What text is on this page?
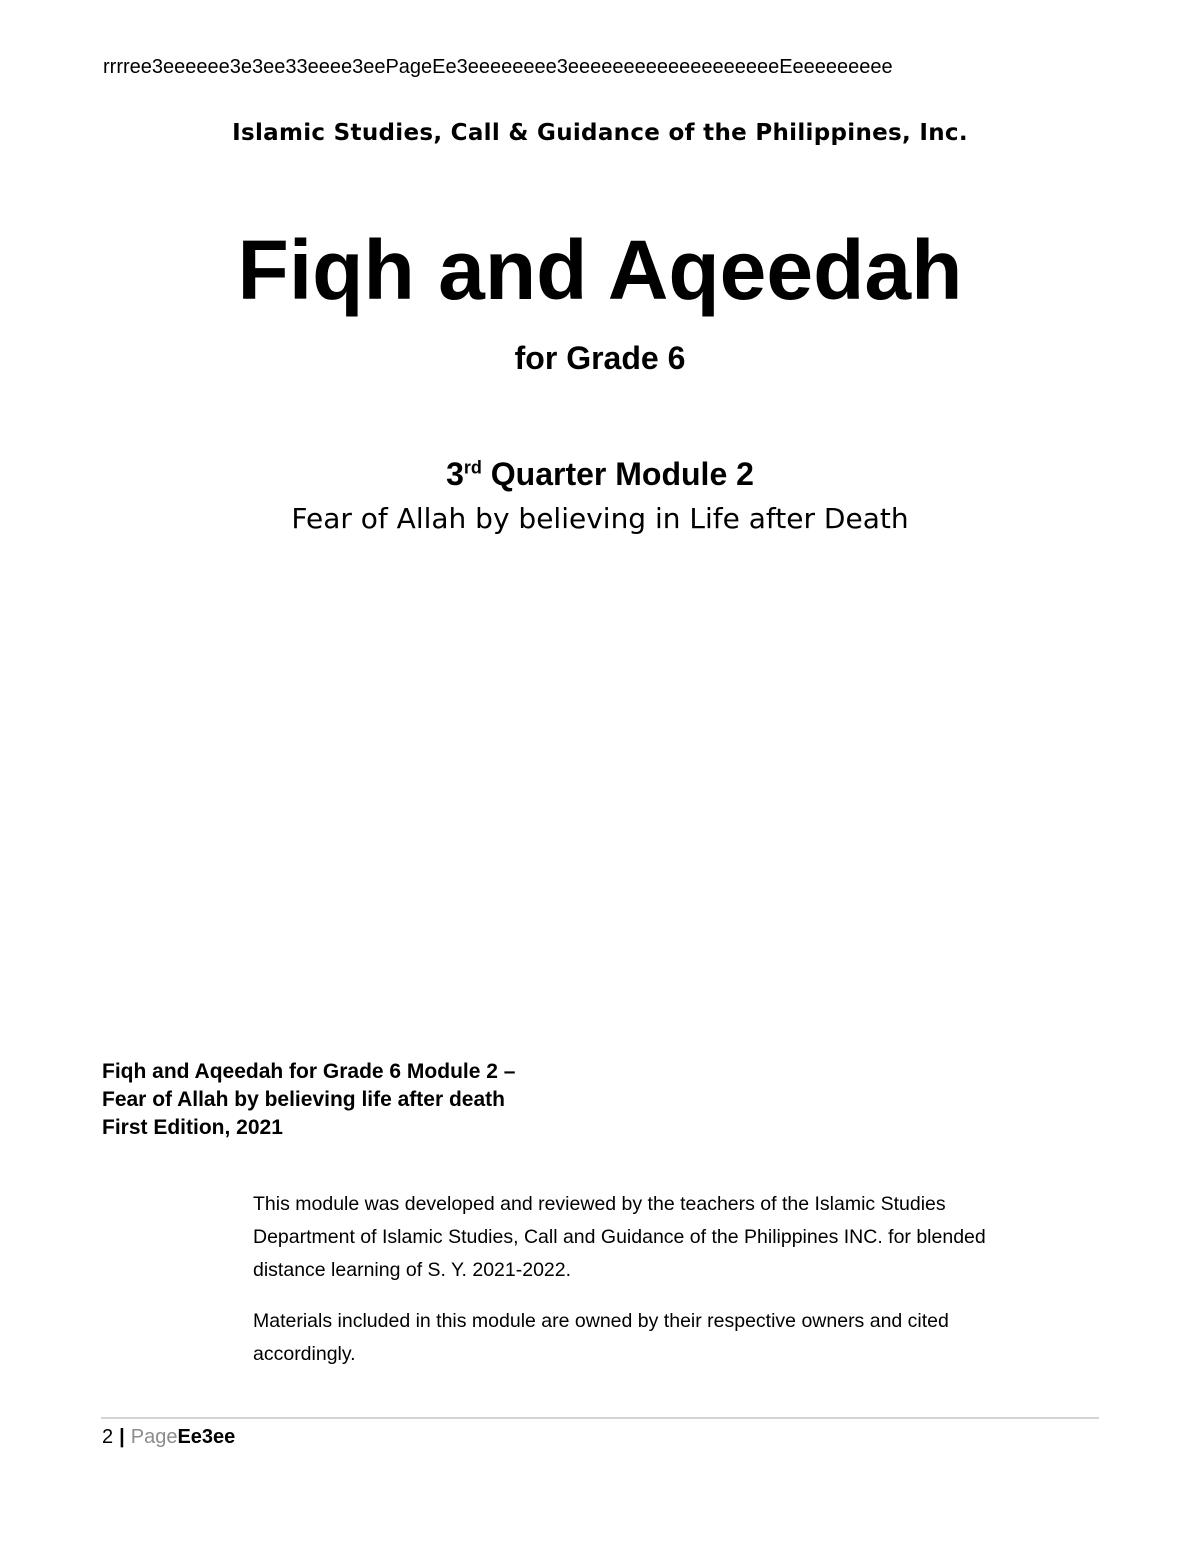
rrrree3eeeeee3e3ee33eeee3eePageEe3eeeeeeee3eeeeeeeeeeeeeeeeeeeEeeeeeeeee
Islamic Studies, Call & Guidance of the Philippines, Inc.
Fiqh and Aqeedah
for Grade 6
3rd Quarter Module 2
Fear of Allah by believing in Life after Death
Fiqh and Aqeedah for Grade 6 Module 2 –
Fear of Allah by believing life after death
First Edition, 2021

This module was developed and reviewed by the teachers of the Islamic Studies Department of Islamic Studies, Call and Guidance of the Philippines INC. for blended distance learning of S. Y. 2021-2022.

Materials included in this module are owned by their respective owners and cited accordingly.

2 | PageEe3ee
